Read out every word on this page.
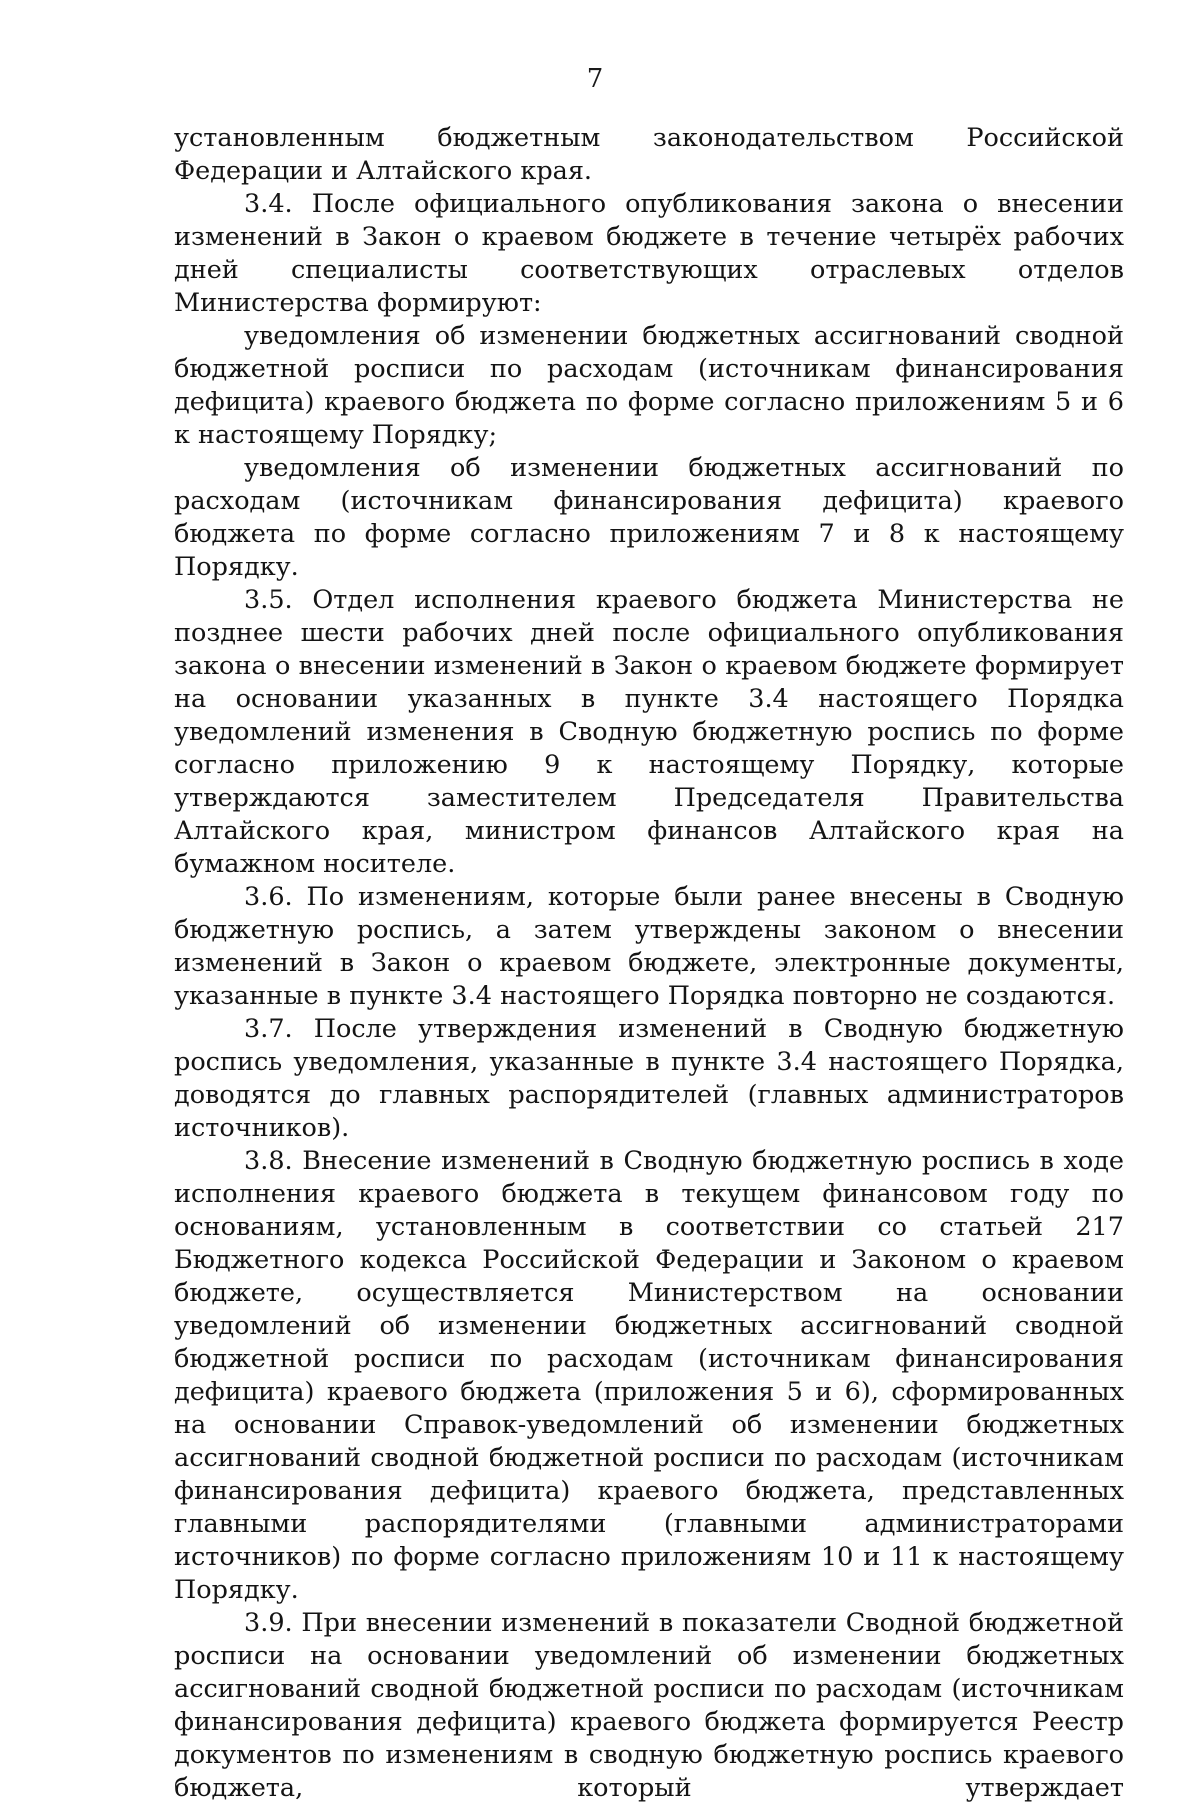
7

установленным бюджетным законодательством Российской Федерации и Алтайского края.

3.4. После официального опубликования закона о внесении изменений в Закон о краевом бюджете в течение четырёх рабочих дней специалисты соответствующих отраслевых отделов Министерства формируют:

уведомления об изменении бюджетных ассигнований сводной бюджетной росписи по расходам (источникам финансирования дефицита) краевого бюджета по форме согласно приложениям 5 и 6 к настоящему Порядку;

уведомления об изменении бюджетных ассигнований по расходам (источникам финансирования дефицита) краевого бюджета по форме согласно приложениям 7 и 8 к настоящему Порядку.

3.5. Отдел исполнения краевого бюджета Министерства не позднее шести рабочих дней после официального опубликования закона о внесении изменений в Закон о краевом бюджете формирует на основании указанных в пункте 3.4 настоящего Порядка уведомлений изменения в Сводную бюджетную роспись по форме согласно приложению 9 к настоящему Порядку, которые утверждаются заместителем Председателя Правительства Алтайского края, министром финансов Алтайского края на бумажном носителе.

3.6. По изменениям, которые были ранее внесены в Сводную бюджетную роспись, а затем утверждены законом о внесении изменений в Закон о краевом бюджете, электронные документы, указанные в пункте 3.4 настоящего Порядка повторно не создаются.

3.7. После утверждения изменений в Сводную бюджетную роспись уведомления, указанные в пункте 3.4 настоящего Порядка, доводятся до главных распорядителей (главных администраторов источников).

3.8. Внесение изменений в Сводную бюджетную роспись в ходе исполнения краевого бюджета в текущем финансовом году по основаниям, установленным в соответствии со статьей 217 Бюджетного кодекса Российской Федерации и Законом о краевом бюджете, осуществляется Министерством на основании уведомлений об изменении бюджетных ассигнований сводной бюджетной росписи по расходам (источникам финансирования дефицита) краевого бюджета (приложения 5 и 6), сформированных на основании Справок-уведомлений об изменении бюджетных ассигнований сводной бюджетной росписи по расходам (источникам финансирования дефицита) краевого бюджета, представленных главными распорядителями (главными администраторами источников) по форме согласно приложениям 10 и 11 к настоящему Порядку.

3.9. При внесении изменений в показатели Сводной бюджетной росписи на основании уведомлений об изменении бюджетных ассигнований сводной бюджетной росписи по расходам (источникам финансирования дефицита) краевого бюджета формируется Реестр документов по изменениям в сводную бюджетную роспись краевого бюджета, который утверждает
